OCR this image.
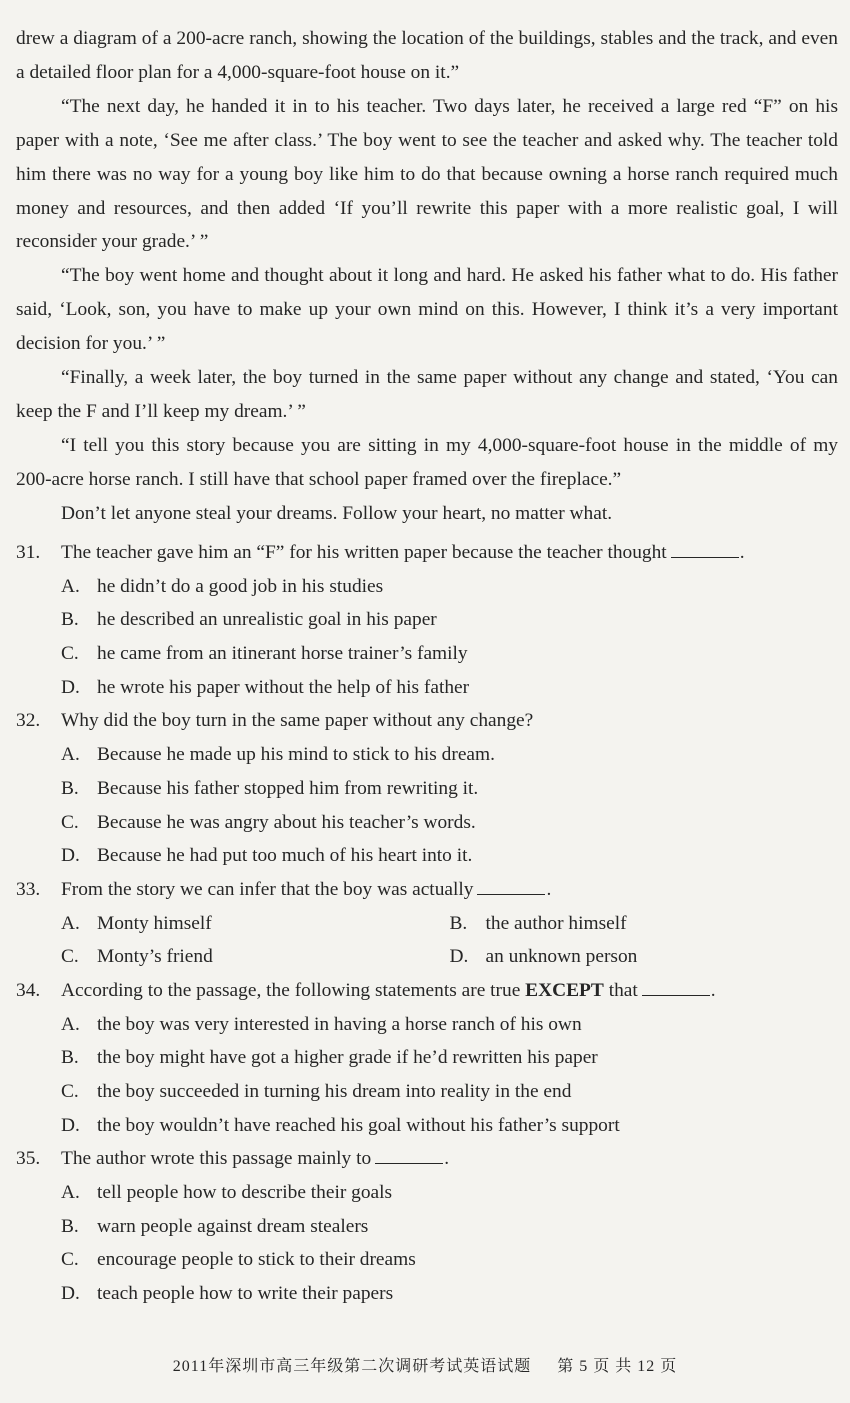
drew a diagram of a 200-acre ranch, showing the location of the buildings, stables and the track, and even a detailed floor plan for a 4,000-square-foot house on it.”

“The next day, he handed it in to his teacher. Two days later, he received a large red “F” on his paper with a note, ‘See me after class.’ The boy went to see the teacher and asked why. The teacher told him there was no way for a young boy like him to do that because owning a horse ranch required much money and resources, and then added ‘If you’ll rewrite this paper with a more realistic goal, I will reconsider your grade.’ ”

“The boy went home and thought about it long and hard. He asked his father what to do. His father said, ‘Look, son, you have to make up your own mind on this. However, I think it’s a very important decision for you.’ ”

“Finally, a week later, the boy turned in the same paper without any change and stated, ‘You can keep the F and I’ll keep my dream.’ ”

“I tell you this story because you are sitting in my 4,000-square-foot house in the middle of my 200-acre horse ranch. I still have that school paper framed over the fireplace.”

Don’t let anyone steal your dreams. Follow your heart, no matter what.

31. The teacher gave him an “F” for his written paper because the teacher thought	.
A. he didn’t do a good job in his studies
B. he described an unrealistic goal in his paper
C. he came from an itinerant horse trainer’s family
D. he wrote his paper without the help of his father
32. Why did the boy turn in the same paper without any change?
A. Because he made up his mind to stick to his dream.
B. Because his father stopped him from rewriting it.
C. Because he was angry about his teacher’s words.
D. Because he had put too much of his heart into it.
33. From the story we can infer that the boy was actually	.
A. Monty himself	B. the author himself
C. Monty’s friend	D. an unknown person
34. According to the passage, the following statements are true EXCEPT that	.
A. the boy was very interested in having a horse ranch of his own
B. the boy might have got a higher grade if he’d rewritten his paper
C. the boy succeeded in turning his dream into reality in the end
D. the boy wouldn’t have reached his goal without his father’s support
35. The author wrote this passage mainly to	.
A. tell people how to describe their goals
B. warn people against dream stealers
C. encourage people to stick to their dreams
D. teach people how to write their papers
2011年深圳市高三年级第二次调研考试英语试题 第 5 页 共 12 页
